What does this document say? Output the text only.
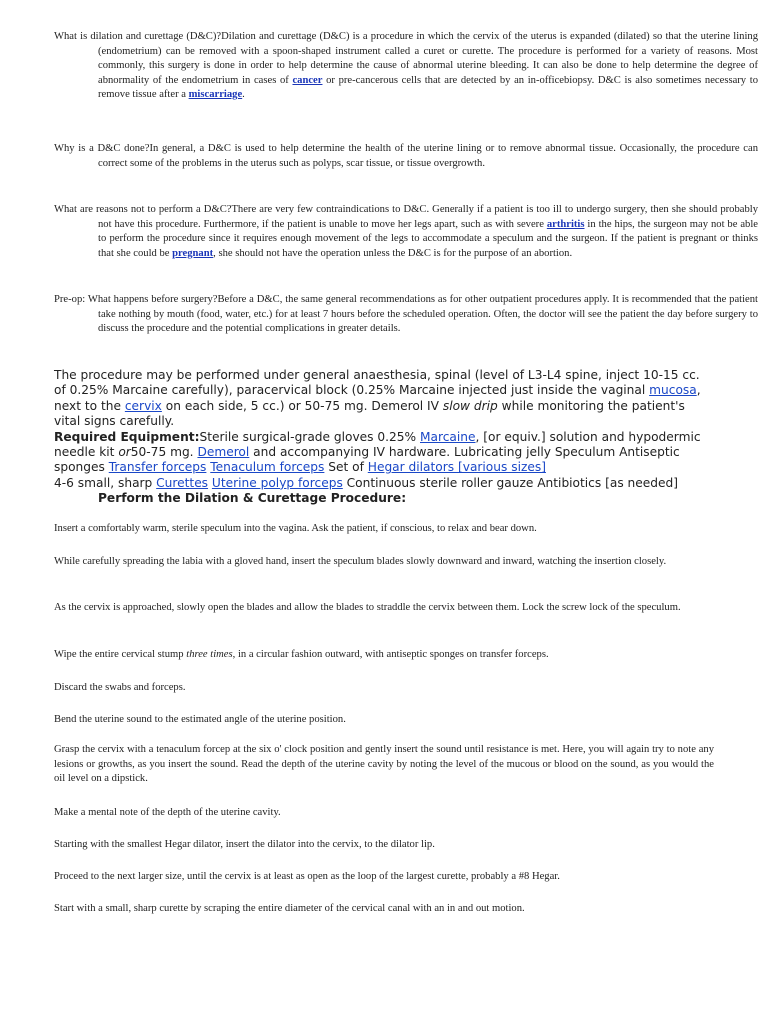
What is dilation and curettage (D&C)?Dilation and curettage (D&C) is a procedure in which the cervix of the uterus is expanded (dilated) so that the uterine lining (endometrium) can be removed with a spoon-shaped instrument called a curet or curette. The procedure is performed for a variety of reasons. Most commonly, this surgery is done in order to help determine the cause of abnormal uterine bleeding. It can also be done to help determine the degree of abnormality of the endometrium in cases of cancer or pre-cancerous cells that are detected by an in-officebiopsy. D&C is also sometimes necessary to remove tissue after a miscarriage.

Why is a D&C done?In general, a D&C is used to help determine the health of the uterine lining or to remove abnormal tissue. Occasionally, the procedure can correct some of the problems in the uterus such as polyps, scar tissue, or tissue overgrowth.

What are reasons not to perform a D&C?There are very few contraindications to D&C. Generally if a patient is too ill to undergo surgery, then she should probably not have this procedure. Furthermore, if the patient is unable to move her legs apart, such as with severe arthritis in the hips, the surgeon may not be able to perform the procedure since it requires enough movement of the legs to accommodate a speculum and the surgeon. If the patient is pregnant or thinks that she could be pregnant, she should not have the operation unless the D&C is for the purpose of an abortion.

Pre-op: What happens before surgery?Before a D&C, the same general recommendations as for other outpatient procedures apply. It is recommended that the patient take nothing by mouth (food, water, etc.) for at least 7 hours before the scheduled operation. Often, the doctor will see the patient the day before surgery to discuss the procedure and the potential complications in greater details.

The procedure may be performed under general anaesthesia, spinal (level of L3-L4 spine, inject 10-15 cc. of 0.25% Marcaine carefully), paracervical block (0.25% Marcaine injected just inside the vaginal mucosa, next to the cervix on each side, 5 cc.) or 50-75 mg. Demerol IV slow drip while monitoring the patient's vital signs carefully.
Required Equipment:Sterile surgical-grade gloves 0.25% Marcaine, [or equiv.] solution and hypodermic needle kit or50-75 mg. Demerol and accompanying IV hardware. Lubricating jelly Speculum Antiseptic sponges Transfer forceps Tenaculum forceps Set of Hegar dilators [various sizes]
4-6 small, sharp Curettes Uterine polyp forceps Continuous sterile roller gauze Antibiotics [as needed]

Perform the Dilation & Curettage Procedure:

Insert a comfortably warm, sterile speculum into the vagina. Ask the patient, if conscious, to relax and bear down.

While carefully spreading the labia with a gloved hand, insert the speculum blades slowly downward and inward, watching the insertion closely.

As the cervix is approached, slowly open the blades and allow the blades to straddle the cervix between them. Lock the screw lock of the speculum.

Wipe the entire cervical stump three times, in a circular fashion outward, with antiseptic sponges on transfer forceps.

Discard the swabs and forceps.

Bend the uterine sound to the estimated angle of the uterine position.

Grasp the cervix with a tenaculum forcep at the six o' clock position and gently insert the sound until resistance is met. Here, you will again try to note any lesions or growths, as you insert the sound. Read the depth of the uterine cavity by noting the level of the mucous or blood on the sound, as you would the oil level on a dipstick.

Make a mental note of the depth of the uterine cavity.

Starting with the smallest Hegar dilator, insert the dilator into the cervix, to the dilator lip.

Proceed to the next larger size, until the cervix is at least as open as the loop of the largest curette, probably a #8 Hegar.

Start with a small, sharp curette by scraping the entire diameter of the cervical canal with an in and out motion.
